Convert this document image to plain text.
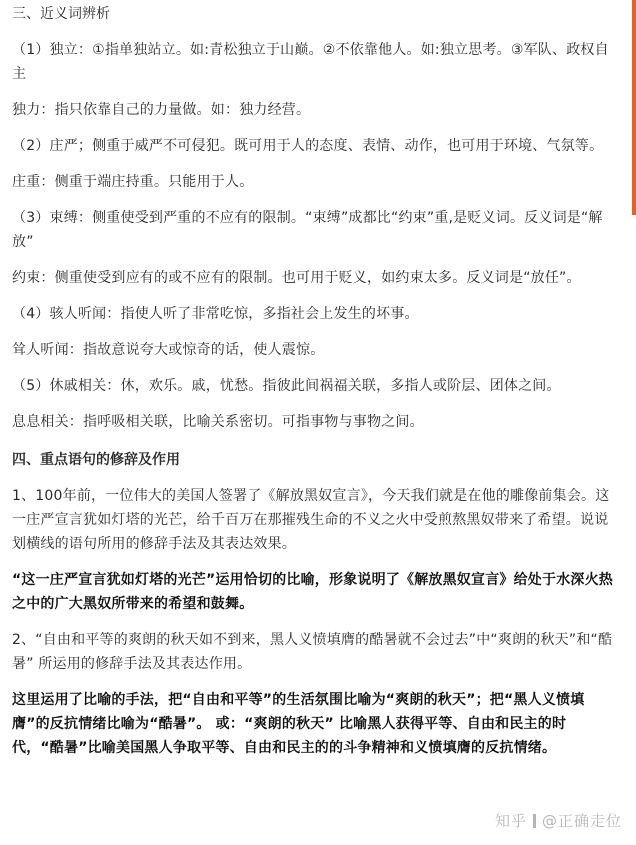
三、近义词辨析

（1）独立：①指单独站立。如:青松独立于山巅。②不依靠他人。如:独立思考。③军队、政权自主

独力：指只依靠自己的力量做。如：独力经营。

（2）庄严；侧重于威严不可侵犯。既可用于人的态度、表情、动作，也可用于环境、气氛等。

庄重：侧重于端庄持重。只能用于人。

（3）束缚：侧重使受到严重的不应有的限制。“束缚”成都比“约束”重,是贬义词。反义词是“解放”

约束：侧重使受到应有的或不应有的限制。也可用于贬义，如约束太多。反义词是“放任”。

（4）骇人听闻：指使人听了非常吃惊，多指社会上发生的坏事。

耸人听闻：指故意说夸大或惊奇的话，使人震惊。

（5）休戚相关：休，欢乐。戚，忧愁。指彼此间祸福关联，多指人或阶层、团体之间。

息息相关：指呼吸相关联，比喻关系密切。可指事物与事物之间。

四、重点语句的修辞及作用

1、100年前，一位伟大的美国人签署了《解放黑奴宣言》，今天我们就是在他的雕像前集会。这一庄严宣言犹如灯塔的光芒，给千百万在那摧残生命的不义之火中受煎熬黑奴带来了希望。说说划横线的语句所用的修辞手法及其表达效果。

“这一庄严宣言犹如灯塔的光芒”运用恰切的比喻，形象说明了《解放黑奴宣言》给处于水深火热之中的广大黑奴所带来的希望和鼓舞。

2、“自由和平等的爽朗的秋天如不到来，黑人义愤填膺的酷暑就不会过去”中“爽朗的秋天”和“酷暑” 所运用的修辞手法及其表达作用。

这里运用了比喻的手法，把“自由和平等”的生活氛围比喻为“爽朗的秋天”；把“黑人义愤填膺”的反抗情绪比喻为“酷暑”。 或：“爽朗的秋天” 比喻黑人获得平等、自由和民主的时代，“酷暑”比喻美国黑人争取平等、自由和民主的的斗争精神和义愤填膺的反抗情绪。

知乎 @正确走位
